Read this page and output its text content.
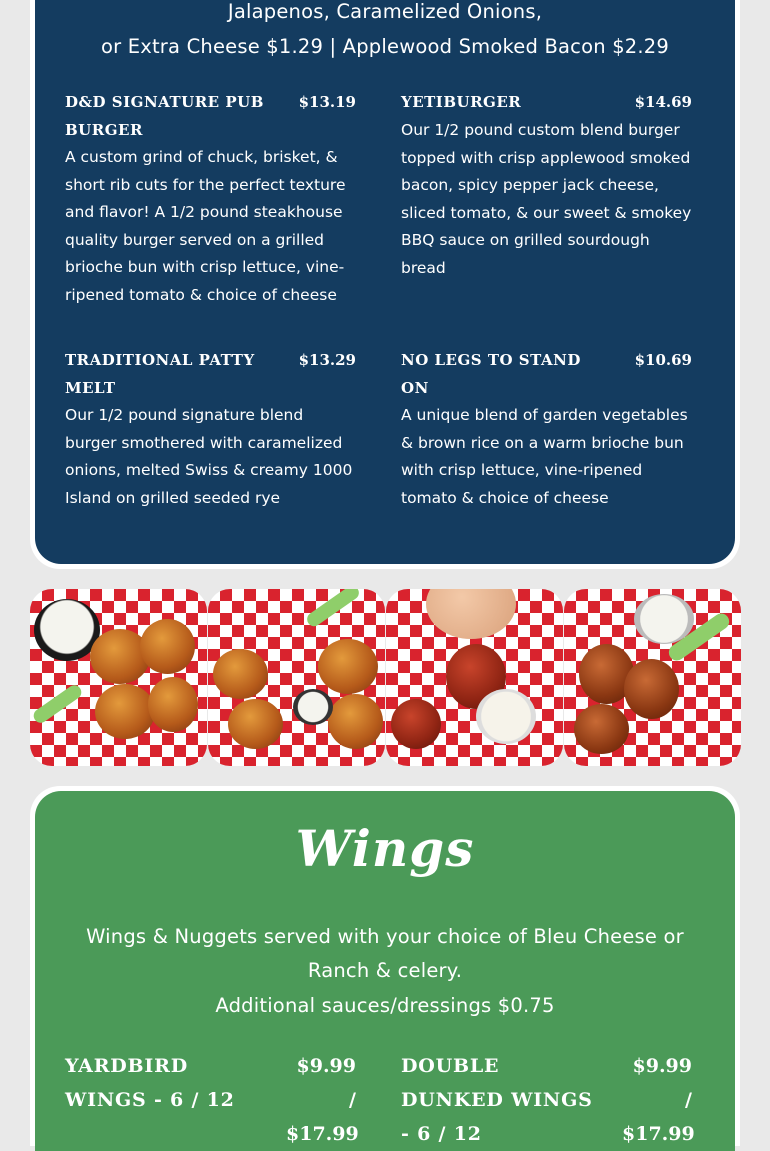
Jalapenos, Caramelized Onions,
or Extra Cheese $1.29 | Applewood Smoked Bacon $2.29
D&D SIGNATURE PUB BURGER
$13.19
A custom grind of chuck, brisket, & short rib cuts for the perfect texture and flavor! A 1/2 pound steakhouse quality burger served on a grilled brioche bun with crisp lettuce, vine-ripened tomato & choice of cheese
YETIBURGER	$14.69
Our 1/2 pound custom blend burger topped with crisp applewood smoked bacon, spicy pepper jack cheese, sliced tomato, & our sweet & smokey BBQ sauce on grilled sourdough bread
TRADITIONAL PATTY MELT
$13.29
Our 1/2 pound signature blend burger smothered with caramelized onions, melted Swiss & creamy 1000 Island on grilled seeded rye
NO LEGS TO STAND ON
$10.69
A unique blend of garden vegetables & brown rice on a warm brioche bun with crisp lettuce, vine-ripened tomato & choice of cheese
Wings
Wings & Nuggets served with your choice of Bleu Cheese or
Ranch & celery.
Additional sauces/dressings $0.75
YARDBIRD WINGS - 6 / 12
$9.99 / $17.99
DOUBLE DUNKED WINGS - 6 / 12
$9.99 / $17.99
